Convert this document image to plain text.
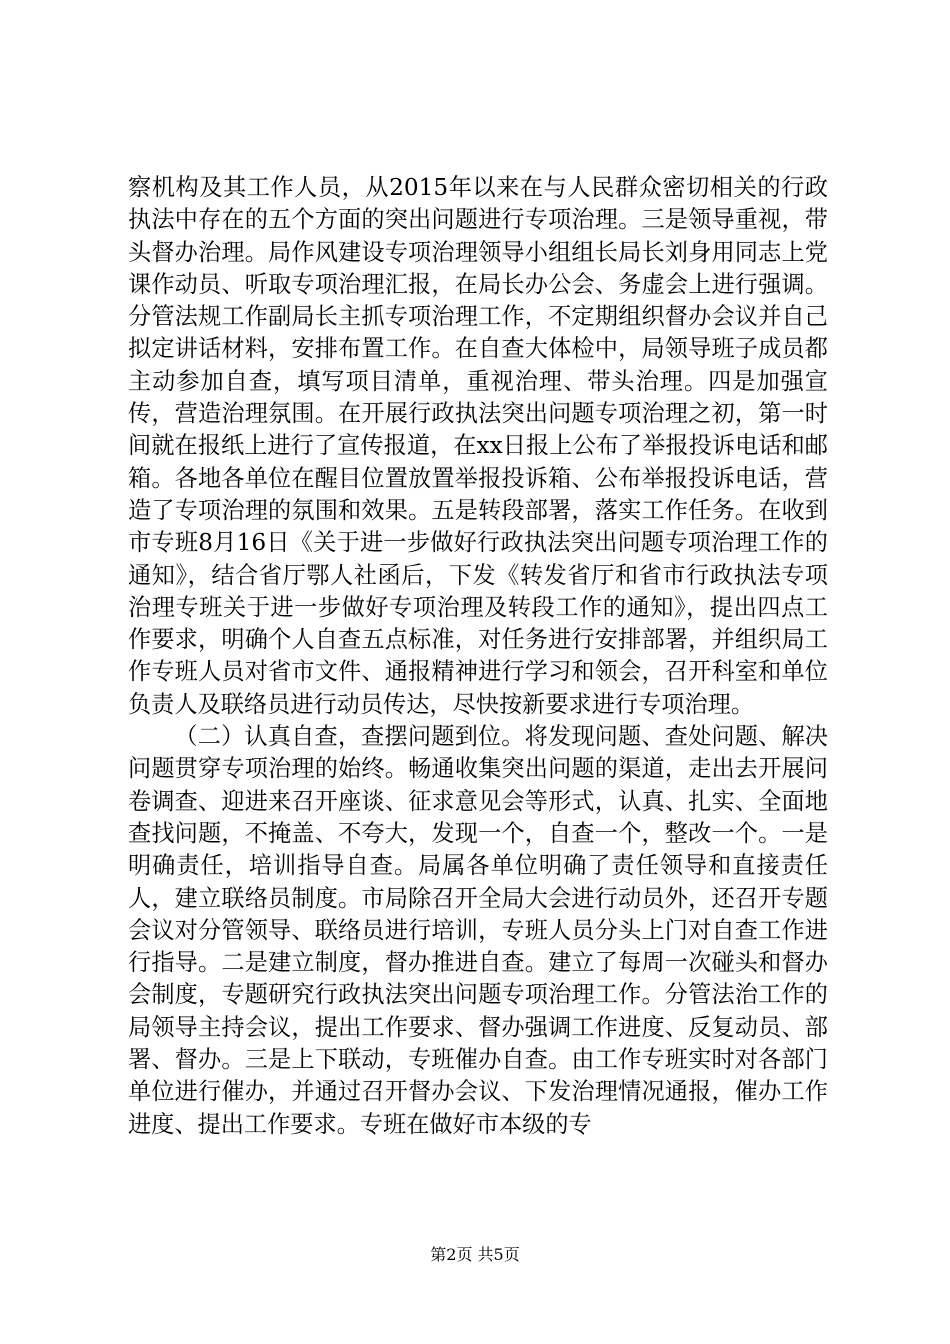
察机构及其工作人员，从2015年以来在与人民群众密切相关的行政执法中存在的五个方面的突出问题进行专项治理。三是领导重视，带头督办治理。局作风建设专项治理领导小组组长局长刘身用同志上党课作动员、听取专项治理汇报，在局长办公会、务虚会上进行强调。分管法规工作副局长主抓专项治理工作，不定期组织督办会议并自己拟定讲话材料，安排布置工作。在自查大体检中，局领导班子成员都主动参加自查，填写项目清单，重视治理、带头治理。四是加强宣传，营造治理氛围。在开展行政执法突出问题专项治理之初，第一时间就在报纸上进行了宣传报道，在xx日报上公布了举报投诉电话和邮箱。各地各单位在醒目位置放置举报投诉箱、公布举报投诉电话，营造了专项治理的氛围和效果。五是转段部署，落实工作任务。在收到市专班8月16日《关于进一步做好行政执法突出问题专项治理工作的通知》，结合省厅鄂人社函后，下发《转发省厅和省市行政执法专项治理专班关于进一步做好专项治理及转段工作的通知》，提出四点工作要求，明确个人自查五点标准，对任务进行安排部署，并组织局工作专班人员对省市文件、通报精神进行学习和领会，召开科室和单位负责人及联络员进行动员传达，尽快按新要求进行专项治理。

（二）认真自查，查摆问题到位。将发现问题、查处问题、解决问题贯穿专项治理的始终。畅通收集突出问题的渠道，走出去开展问卷调查、迎进来召开座谈、征求意见会等形式，认真、扎实、全面地查找问题，不掩盖、不夸大，发现一个，自查一个，整改一个。一是明确责任，培训指导自查。局属各单位明确了责任领导和直接责任人，建立联络员制度。市局除召开全局大会进行动员外，还召开专题会议对分管领导、联络员进行培训，专班人员分头上门对自查工作进行指导。二是建立制度，督办推进自查。建立了每周一次碰头和督办会制度，专题研究行政执法突出问题专项治理工作。分管法治工作的局领导主持会议，提出工作要求、督办强调工作进度、反复动员、部署、督办。三是上下联动，专班催办自查。由工作专班实时对各部门单位进行催办，并通过召开督办会议、下发治理情况通报，催办工作进度、提出工作要求。专班在做好市本级的专

第2页 共5页
